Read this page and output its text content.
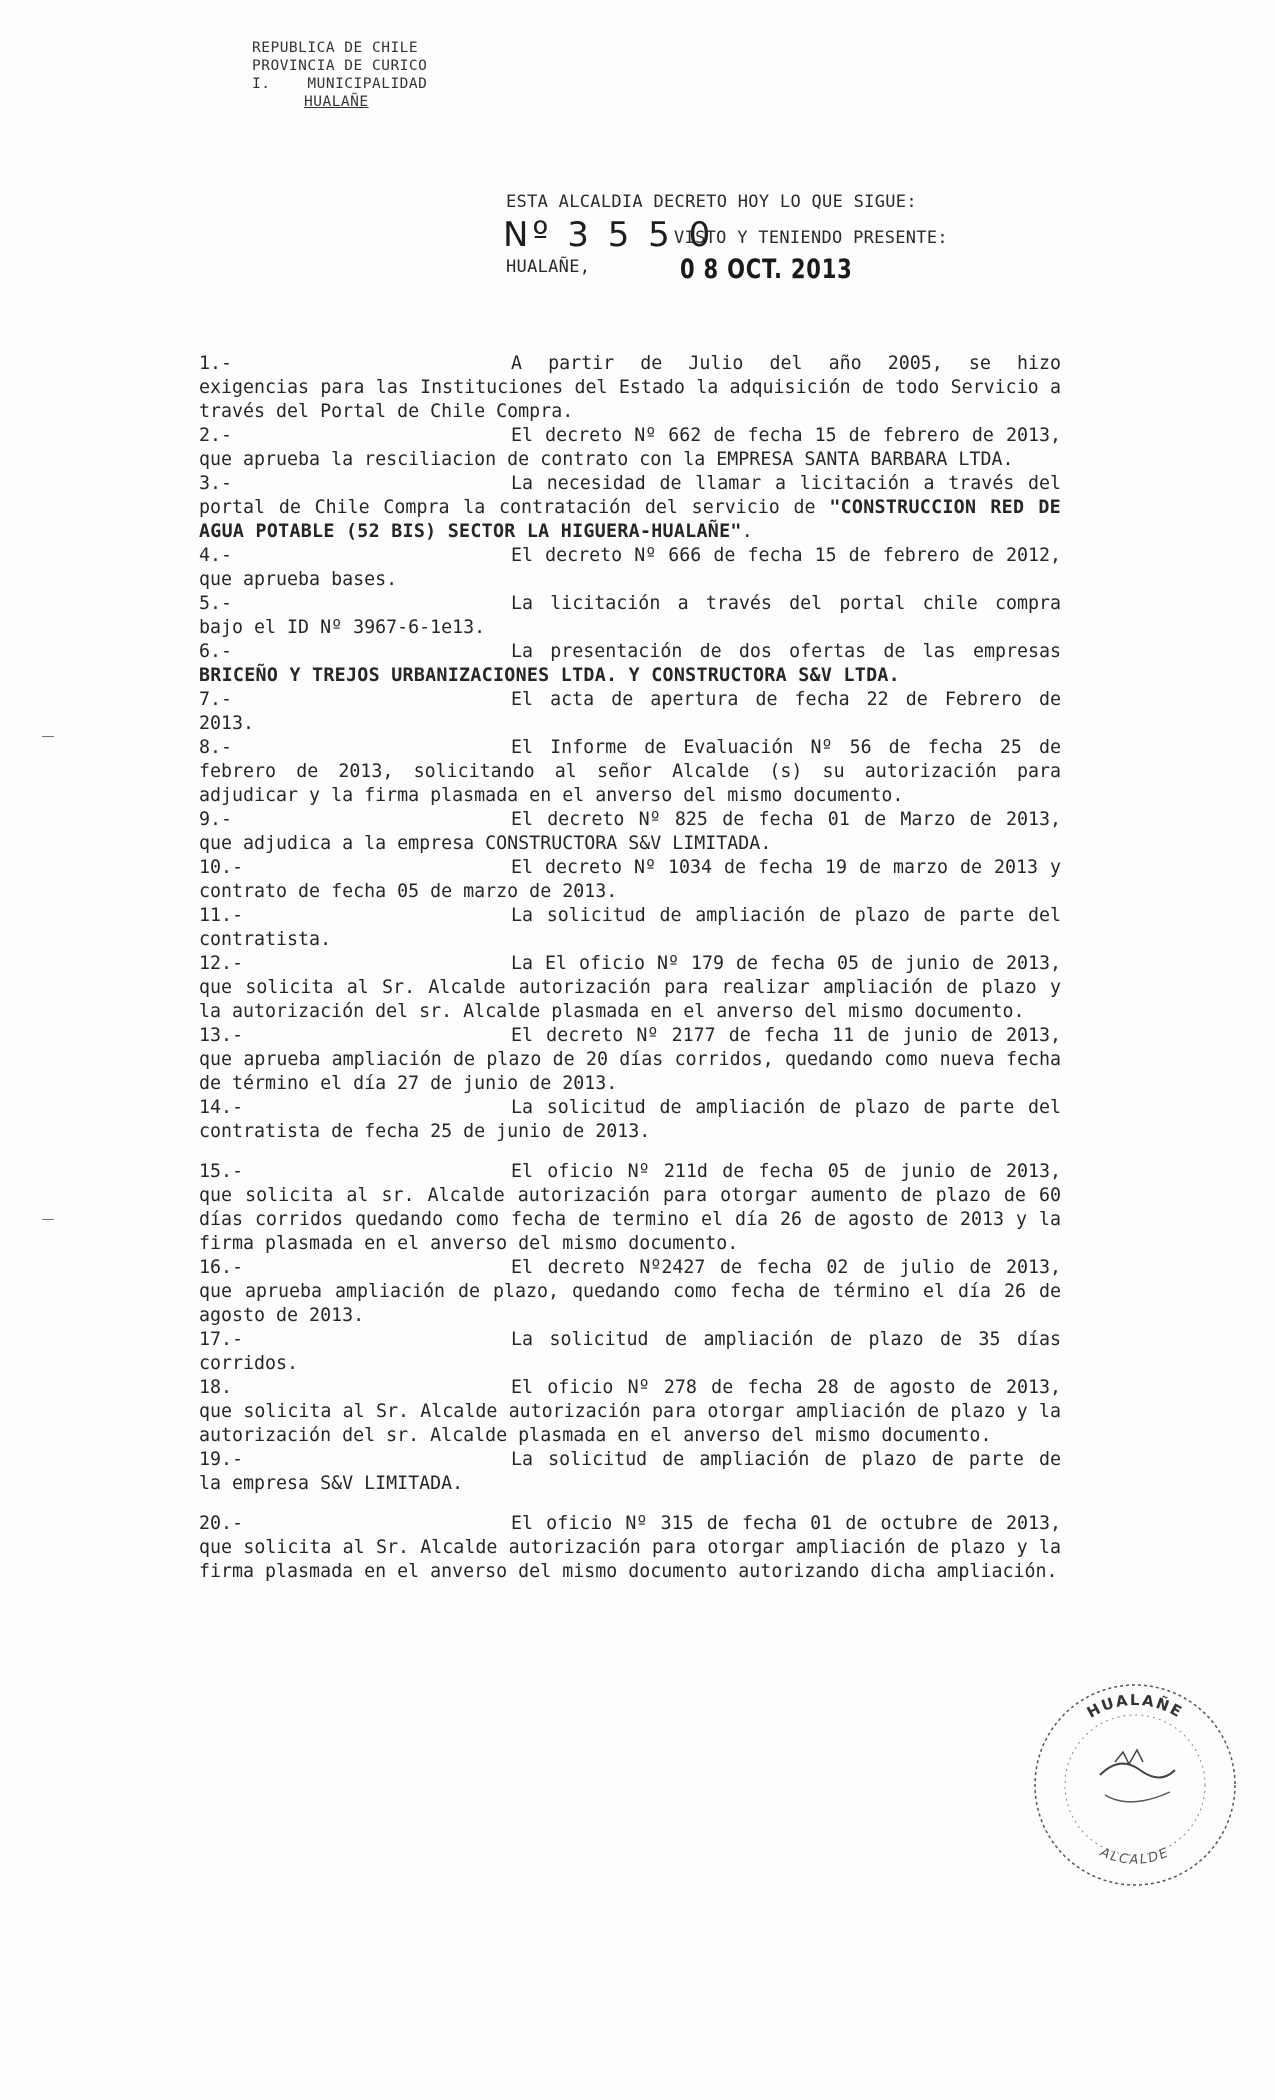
REPUBLICA DE CHILE
PROVINCIA DE CURICO
I.    MUNICIPALIDAD
HUALAÑE
ESTA ALCALDIA DECRETO HOY LO QUE SIGUE:
Nº 3 5 5 0
VISTO Y TENIENDO PRESENTE:
HUALAÑE,	0 8 OCT. 2013
1.-	A partir de Julio del año 2005, se hizo exigencias para las Instituciones del Estado la adquisición de todo Servicio a través del Portal de Chile Compra.
2.-	El decreto Nº 662 de fecha 15 de febrero de 2013, que aprueba la resciliacion de contrato con la EMPRESA SANTA BARBARA LTDA.
3.-	La necesidad de llamar a licitación a través del portal de Chile Compra la contratación del servicio de "CONSTRUCCION RED DE AGUA POTABLE (52 BIS) SECTOR LA HIGUERA-HUALAÑE".
4.-	El decreto Nº 666 de fecha 15 de febrero de 2012, que aprueba bases.
5.-	La licitación a través del portal chile compra bajo el ID Nº 3967-6-1e13.
6.-	La presentación de dos ofertas de las empresas BRICEÑO Y TREJOS URBANIZACIONES LTDA. Y CONSTRUCTORA S&V LTDA.
7.-	El acta de apertura de fecha 22 de Febrero de 2013.
8.-	El Informe de Evaluación Nº 56 de fecha 25 de febrero de 2013, solicitando al señor Alcalde (s) su autorización para adjudicar y la firma plasmada en el anverso del mismo documento.
9.-	El decreto Nº 825 de fecha 01 de Marzo de 2013, que adjudica a la empresa CONSTRUCTORA S&V LIMITADA.
10.-	El decreto Nº 1034 de fecha 19 de marzo de 2013 y contrato de fecha 05 de marzo de 2013.
11.-	La solicitud de ampliación de plazo de parte del contratista.
12.-	La El oficio Nº 179 de fecha 05 de junio de 2013, que solicita al Sr. Alcalde autorización para realizar ampliación de plazo y la autorización del sr. Alcalde plasmada en el anverso del mismo documento.
13.-	El decreto Nº 2177 de fecha 11 de junio de 2013, que aprueba ampliación de plazo de 20 días corridos, quedando como nueva fecha de término el día 27 de junio de 2013.
14.-	La solicitud de ampliación de plazo de parte del contratista de fecha 25 de junio de 2013.
15.-	El oficio Nº 211d de fecha 05 de junio de 2013, que solicita al sr. Alcalde autorización para otorgar aumento de plazo de 60 días corridos quedando como fecha de termino el día 26 de agosto de 2013 y la firma plasmada en el anverso del mismo documento.
16.-	El decreto Nº2427 de fecha 02 de julio de 2013, que aprueba ampliación de plazo, quedando como fecha de término el día 26 de agosto de 2013.
17.-	La solicitud de ampliación de plazo de 35 días corridos.
18.	El oficio Nº 278 de fecha 28 de agosto de 2013, que solicita al Sr. Alcalde autorización para otorgar ampliación de plazo y la autorización del sr. Alcalde plasmada en el anverso del mismo documento.
19.-	La solicitud de ampliación de plazo de parte de la empresa S&V LIMITADA.
20.-	El oficio Nº 315 de fecha 01 de octubre de 2013, que solicita al Sr. Alcalde autorización para otorgar ampliación de plazo y la firma plasmada en el anverso del mismo documento autorizando dicha ampliación.
HUALAÑE
ALCALDE
